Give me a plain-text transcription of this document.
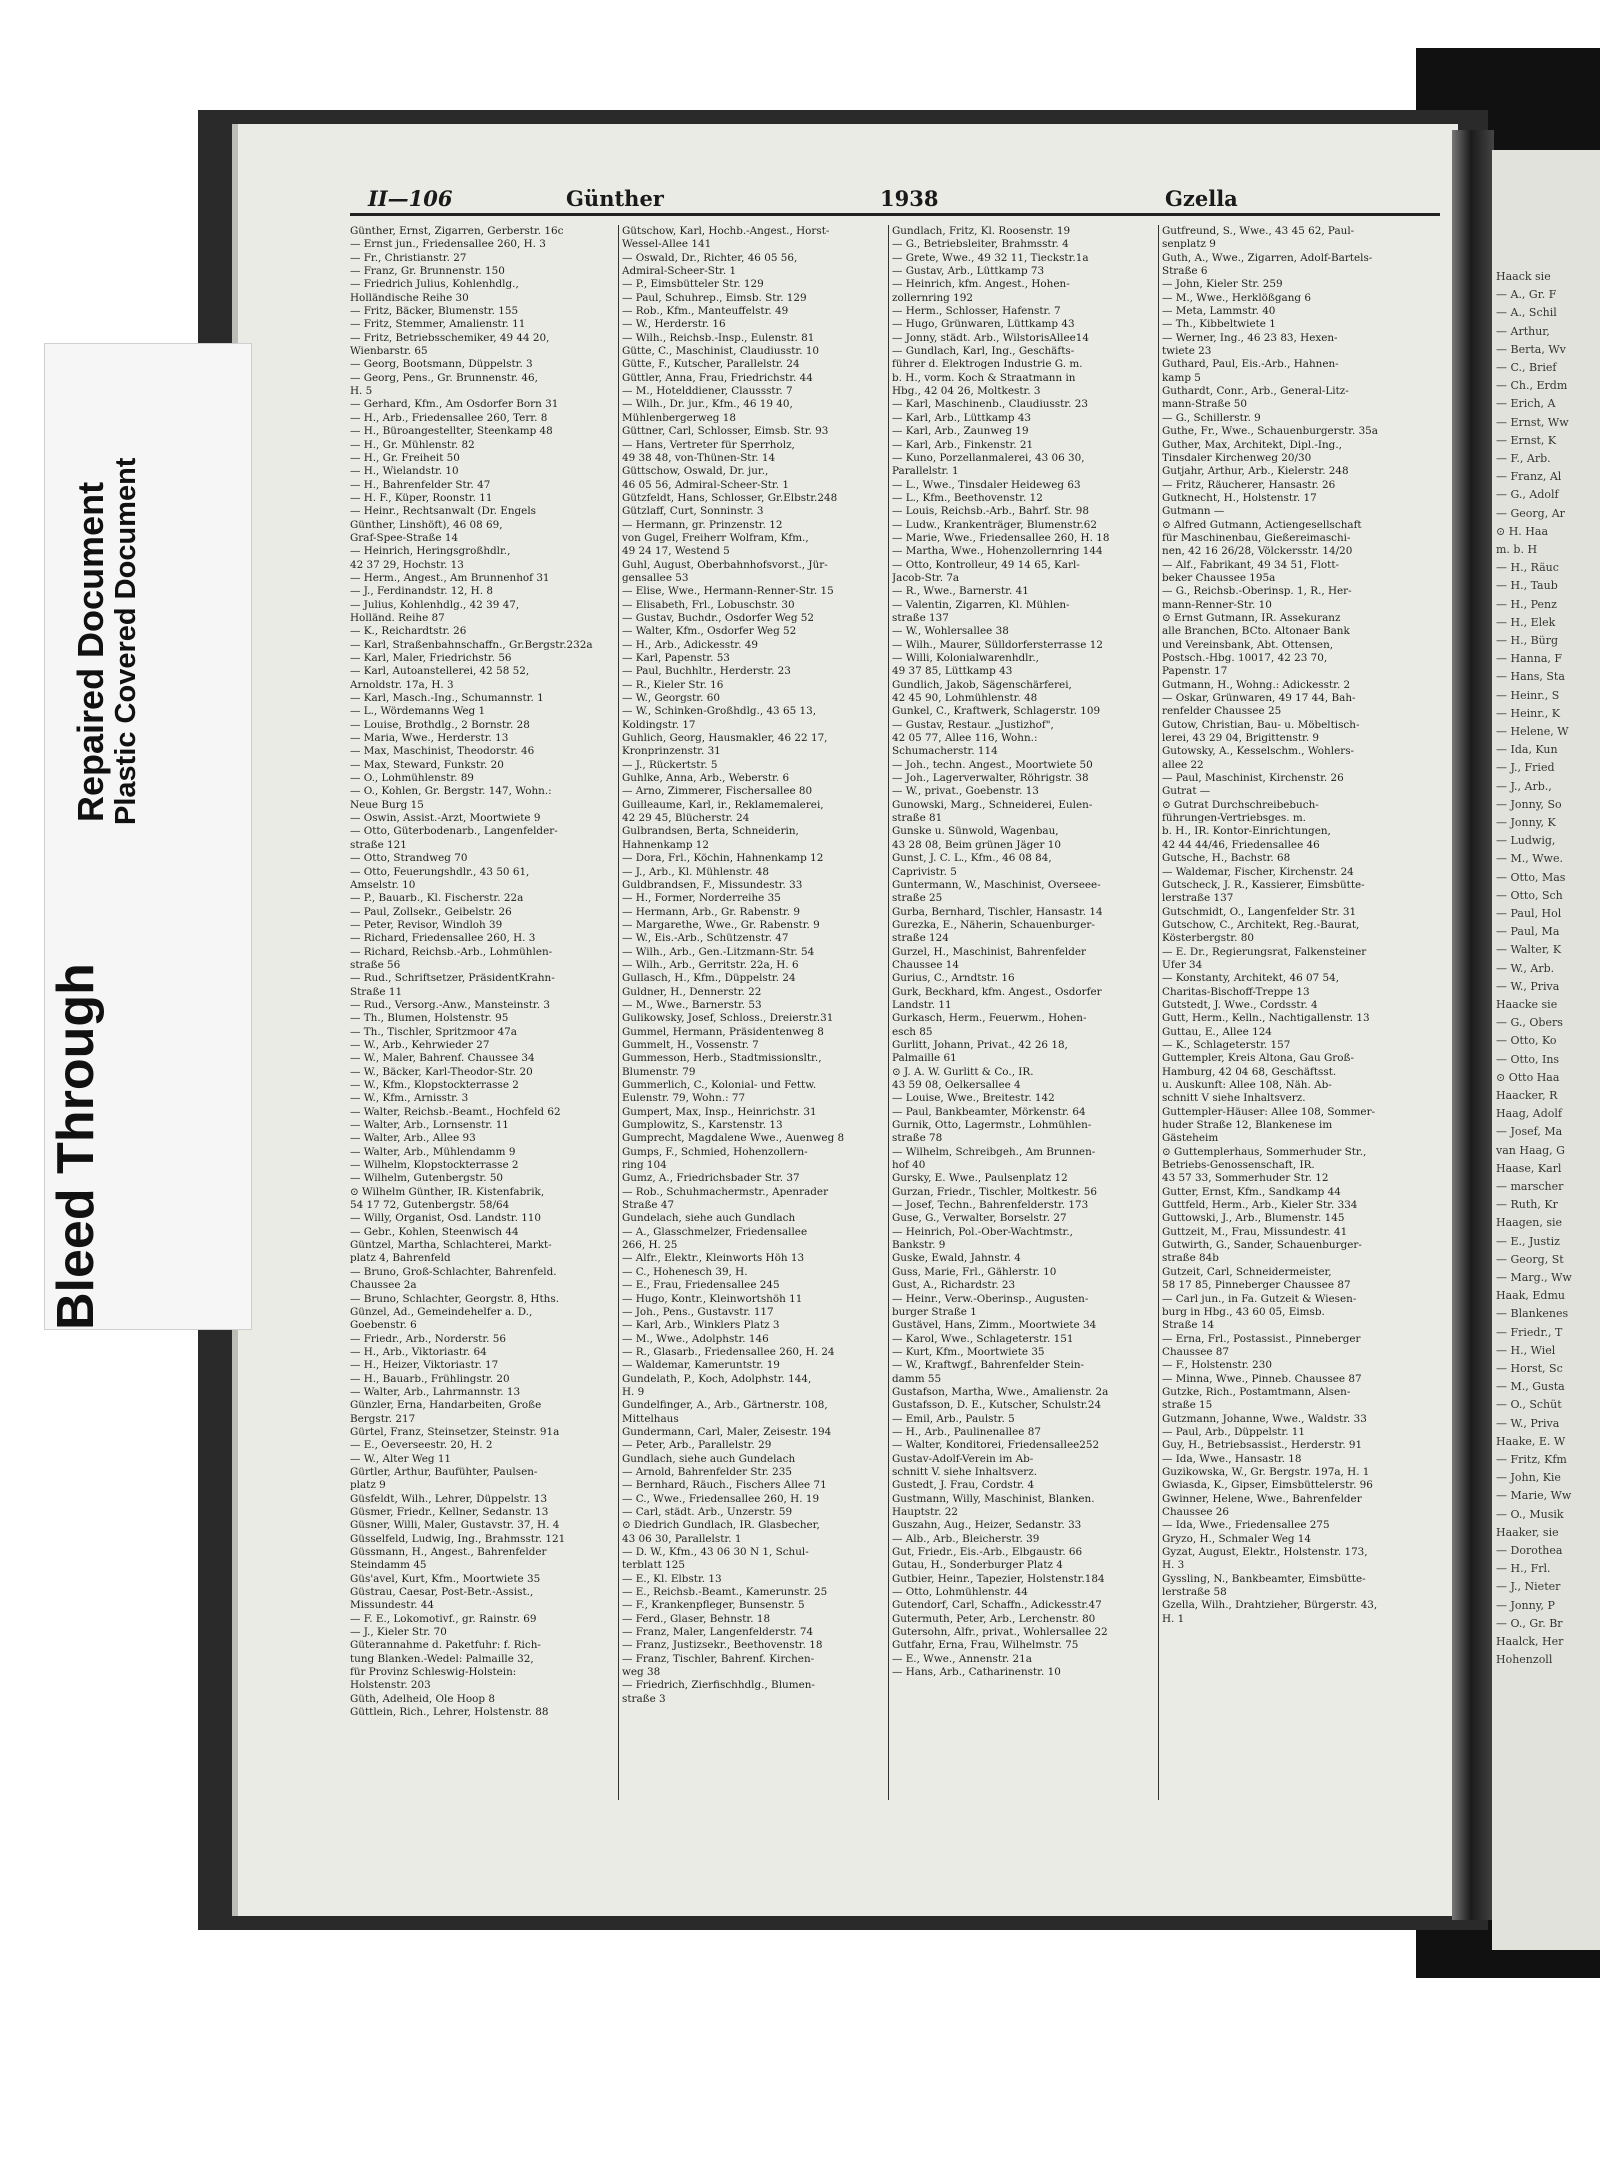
Haack sie
— A., Gr. F
— A., Schil
— Arthur,
— Berta, Wv
— C., Brief
— Ch., Erdm
— Erich, A
— Ernst, Ww
— Ernst, K
— F., Arb.
— Franz, Al
— G., Adolf
— Georg, Ar
⊙ H. Haa
m. b. H
— H., Räuc
— H., Taub
— H., Penz
— H., Elek
— H., Bürg
— Hanna, F
— Hans, Sta
— Heinr., S
— Heinr., K
— Helene, W
— Ida, Kun
— J., Fried
— J., Arb.,
— Jonny, So
— Jonny, K
— Ludwig,
— M., Wwe.
— Otto, Mas
— Otto, Sch
— Paul, Hol
— Paul, Ma
— Walter, K
— W., Arb.
— W., Priva
Haacke sie
— G., Obers
— Otto, Ko
— Otto, Ins
⊙ Otto Haa
Haacker, R
Haag, Adolf
— Josef, Ma
van Haag, G
Haase, Karl
— marscher
— Ruth, Kr
Haagen, sie
— E., Justiz
— Georg, St
— Marg., Ww
Haak, Edmu
— Blankenes
— Friedr., T
— H., Wiel
— Horst, Sc
— M., Gusta
— O., Schüt
— W., Priva
Haake, E. W
— Fritz, Kfm
— John, Kie
— Marie, Ww
— O., Musik
Haaker, sie
— Dorothea
— H., Frl.
— J., Nieter
— Jonny, P
— O., Gr. Br
Haalck, Her
Hohenzoll
II—106	Günther	1938	Gzella
Günther, Ernst, Zigarren, Gerberstr. 16c
— Ernst jun., Friedensallee 260, H. 3
— Fr., Christianstr. 27
— Franz, Gr. Brunnenstr. 150
— Friedrich Julius, Kohlenhdlg.,
Holländische Reihe 30
— Fritz, Bäcker, Blumenstr. 155
— Fritz, Stemmer, Amalienstr. 11
— Fritz, Betriebsschemiker, 49 44 20,
Wienbarstr. 65
— Georg, Bootsmann, Düppelstr. 3
— Georg, Pens., Gr. Brunnenstr. 46,
H. 5
— Gerhard, Kfm., Am Osdorfer Born 31
— H., Arb., Friedensallee 260, Terr. 8
— H., Büroangestellter, Steenkamp 48
— H., Gr. Mühlenstr. 82
— H., Gr. Freiheit 50
— H., Wielandstr. 10
— H., Bahrenfelder Str. 47
— H. F., Küper, Roonstr. 11
— Heinr., Rechtsanwalt (Dr. Engels
Günther, Linshöft), 46 08 69,
Graf-Spee-Straße 14
— Heinrich, Heringsgroßhdlr.,
42 37 29, Hochstr. 13
— Herm., Angest., Am Brunnenhof 31
— J., Ferdinandstr. 12, H. 8
— Julius, Kohlenhdlg., 42 39 47,
Holländ. Reihe 87
— K., Reichardtstr. 26
— Karl, Straßenbahnschaffn., Gr.Bergstr.232a
— Karl, Maler, Friedrichstr. 56
— Karl, Autoanstellerei, 42 58 52,
Arnoldstr. 17a, H. 3
— Karl, Masch.-Ing., Schumannstr. 1
— L., Wördemanns Weg 1
— Louise, Brothdlg., 2 Bornstr. 28
— Maria, Wwe., Herderstr. 13
— Max, Maschinist, Theodorstr. 46
— Max, Steward, Funkstr. 20
— O., Lohmühlenstr. 89
— O., Kohlen, Gr. Bergstr. 147, Wohn.:
Neue Burg 15
— Oswin, Assist.-Arzt, Moortwiete 9
— Otto, Güterbodenarb., Langenfelder-
straße 121
— Otto, Strandweg 70
— Otto, Feuerungshdlr., 43 50 61,
Amselstr. 10
— P., Bauarb., Kl. Fischerstr. 22a
— Paul, Zollsekr., Geibelstr. 26
— Peter, Revisor, Windloh 39
— Richard, Friedensallee 260, H. 3
— Richard, Reichsb.-Arb., Lohmühlen-
straße 56
— Rud., Schriftsetzer, PräsidentKrahn-
Straße 11
— Rud., Versorg.-Anw., Mansteinstr. 3
— Th., Blumen, Holstenstr. 95
— Th., Tischler, Spritzmoor 47a
— W., Arb., Kehrwieder 27
— W., Maler, Bahrenf. Chaussee 34
— W., Bäcker, Karl-Theodor-Str. 20
— W., Kfm., Klopstockterrasse 2
— W., Kfm., Arnisstr. 3
— Walter, Reichsb.-Beamt., Hochfeld 62
— Walter, Arb., Lornsenstr. 11
— Walter, Arb., Allee 93
— Walter, Arb., Mühlendamm 9
— Wilhelm, Klopstockterrasse 2
— Wilhelm, Gutenbergstr. 50
⊙ Wilhelm Günther, IR. Kistenfabrik,
54 17 72, Gutenbergstr. 58/64
— Willy, Organist, Osd. Landstr. 110
— Gebr., Kohlen, Steenwisch 44
Güntzel, Martha, Schlachterei, Markt-
platz 4, Bahrenfeld
— Bruno, Groß-Schlachter, Bahrenfeld.
Chaussee 2a
— Bruno, Schlachter, Georgstr. 8, Hths.
Günzel, Ad., Gemeindehelfer a. D.,
Goebenstr. 6
— Friedr., Arb., Norderstr. 56
— H., Arb., Viktoriastr. 64
— H., Heizer, Viktoriastr. 17
— H., Bauarb., Frühlingstr. 20
— Walter, Arb., Lahrmannstr. 13
Günzler, Erna, Handarbeiten, Große
Bergstr. 217
Gürtel, Franz, Steinsetzer, Steinstr. 91a
— E., Oeverseestr. 20, H. 2
— W., Alter Weg 11
Gürtler, Arthur, Baufühter, Paulsen-
platz 9
Güsfeldt, Wilh., Lehrer, Düppelstr. 13
Güsmer, Friedr., Kellner, Sedanstr. 13
Güsner, Willi, Maler, Gustavstr. 37, H. 4
Güsselfeld, Ludwig, Ing., Brahmsstr. 121
Güssmann, H., Angest., Bahrenfelder
Steindamm 45
Güs'avel, Kurt, Kfm., Moortwiete 35
Güstrau, Caesar, Post-Betr.-Assist.,
Missundestr. 44
— F. E., Lokomotivf., gr. Rainstr. 69
— J., Kieler Str. 70
Güterannahme d. Paketfuhr: f. Rich-
tung Blanken.-Wedel: Palmaille 32,
für Provinz Schleswig-Holstein:
Holstenstr. 203
Güth, Adelheid, Ole Hoop 8
Güttlein, Rich., Lehrer, Holstenstr. 88
Gütschow, Karl, Hochb.-Angest., Horst-
Wessel-Allee 141
— Oswald, Dr., Richter, 46 05 56,
Admiral-Scheer-Str. 1
— P., Eimsbütteler Str. 129
— Paul, Schuhrep., Eimsb. Str. 129
— Rob., Kfm., Manteuffelstr. 49
— W., Herderstr. 16
— Wilh., Reichsb.-Insp., Eulenstr. 81
Gütte, C., Maschinist, Claudiusstr. 10
Gütte, F., Kutscher, Parallelstr. 24
Güttler, Anna, Frau, Friedrichstr. 44
— M., Hotelddiener, Claussstr. 7
— Wilh., Dr. jur., Kfm., 46 19 40,
Mühlenbergerweg 18
Güttner, Carl, Schlosser, Eimsb. Str. 93
— Hans, Vertreter für Sperrholz,
49 38 48, von-Thünen-Str. 14
Güttschow, Oswald, Dr. jur.,
46 05 56, Admiral-Scheer-Str. 1
Gützfeldt, Hans, Schlosser, Gr.Elbstr.248
Gützlaff, Curt, Sonninstr. 3
— Hermann, gr. Prinzenstr. 12
von Gugel, Freiherr Wolfram, Kfm.,
49 24 17, Westend 5
Guhl, August, Oberbahnhofsvorst., Jür-
gensallee 53
— Elise, Wwe., Hermann-Renner-Str. 15
— Elisabeth, Frl., Lobuschstr. 30
— Gustav, Buchdr., Osdorfer Weg 52
— Walter, Kfm., Osdorfer Weg 52
— H., Arb., Adickesstr. 49
— Karl, Papenstr. 53
— Paul, Buchhltr., Herderstr. 23
— R., Kieler Str. 16
— W., Georgstr. 60
— W., Schinken-Großhdlg., 43 65 13,
Koldingstr. 17
Guhlich, Georg, Hausmakler, 46 22 17,
Kronprinzenstr. 31
— J., Rückertstr. 5
Guhlke, Anna, Arb., Weberstr. 6
— Arno, Zimmerer, Fischersallee 80
Guilleaume, Karl, ir., Reklamemalerei,
42 29 45, Blücherstr. 24
Gulbrandsen, Berta, Schneiderin,
Hahnenkamp 12
— Dora, Frl., Köchin, Hahnenkamp 12
— J., Arb., Kl. Mühlenstr. 48
Guldbrandsen, F., Missundestr. 33
— H., Former, Norderreihe 35
— Hermann, Arb., Gr. Rabenstr. 9
— Margarethe, Wwe., Gr. Rabenstr. 9
— W., Eis.-Arb., Schützenstr. 47
— Wilh., Arb., Gen.-Litzmann-Str. 54
— Wilh., Arb., Gerritstr. 22a, H. 6
Gullasch, H., Kfm., Düppelstr. 24
Guldner, H., Dennerstr. 22
— M., Wwe., Barnerstr. 53
Gulikowsky, Josef, Schloss., Dreierstr.31
Gummel, Hermann, Präsidentenweg 8
Gummelt, H., Vossenstr. 7
Gummesson, Herb., Stadtmissionsltr.,
Blumenstr. 79
Gummerlich, C., Kolonial- und Fettw.
Eulenstr. 79, Wohn.: 77
Gumpert, Max, Insp., Heinrichstr. 31
Gumplowitz, S., Karstenstr. 13
Gumprecht, Magdalene Wwe., Auenweg 8
Gumps, F., Schmied, Hohenzollern-
ring 104
Gumz, A., Friedrichsbader Str. 37
— Rob., Schuhmachermstr., Apenrader
Straße 47
Gundelach, siehe auch Gundlach
— A., Glasschmelzer, Friedensallee
266, H. 25
— Alfr., Elektr., Kleinworts Höh 13
— C., Hohenesch 39, H.
— E., Frau, Friedensallee 245
— Hugo, Kontr., Kleinwortshöh 11
— Joh., Pens., Gustavstr. 117
— Karl, Arb., Winklers Platz 3
— M., Wwe., Adolphstr. 146
— R., Glasarb., Friedensallee 260, H. 24
— Waldemar, Kameruntstr. 19
Gundelath, P., Koch, Adolphstr. 144,
H. 9
Gundelfinger, A., Arb., Gärtnerstr. 108,
Mittelhaus
Gundermann, Carl, Maler, Zeisestr. 194
— Peter, Arb., Parallelstr. 29
Gundlach, siehe auch Gundelach
— Arnold, Bahrenfelder Str. 235
— Bernhard, Räuch., Fischers Allee 71
— C., Wwe., Friedensallee 260, H. 19
— Carl, städt. Arb., Unzerstr. 59
⊙ Diedrich Gundlach, IR. Glasbecher,
43 06 30, Parallelstr. 1
— D. W., Kfm., 43 06 30 N 1, Schul-
terblatt 125
— E., Kl. Elbstr. 13
— E., Reichsb.-Beamt., Kamerunstr. 25
— F., Krankenpfleger, Bunsenstr. 5
— Ferd., Glaser, Behnstr. 18
— Franz, Maler, Langenfelderstr. 74
— Franz, Justizsekr., Beethovenstr. 18
— Franz, Tischler, Bahrenf. Kirchen-
weg 38
— Friedrich, Zierfischhdlg., Blumen-
straße 3
Gundlach, Fritz, Kl. Roosenstr. 19
— G., Betriebsleiter, Brahmsstr. 4
— Grete, Wwe., 49 32 11, Tieckstr.1a
— Gustav, Arb., Lüttkamp 73
— Heinrich, kfm. Angest., Hohen-
zollernring 192
— Herm., Schlosser, Hafenstr. 7
— Hugo, Grünwaren, Lüttkamp 43
— Jonny, städt. Arb., WilstorisAllee14
— Gundlach, Karl, Ing., Geschäfts-
führer d. Elektrogen Industrie G. m.
b. H., vorm. Koch & Straatmann in
Hbg., 42 04 26, Moltkestr. 3
— Karl, Maschinenb., Claudiusstr. 23
— Karl, Arb., Lüttkamp 43
— Karl, Arb., Zaunweg 19
— Karl, Arb., Finkenstr. 21
— Kuno, Porzellanmalerei, 43 06 30,
Parallelstr. 1
— L., Wwe., Tinsdaler Heideweg 63
— L., Kfm., Beethovenstr. 12
— Louis, Reichsb.-Arb., Bahrf. Str. 98
— Ludw., Krankenträger, Blumenstr.62
— Marie, Wwe., Friedensallee 260, H. 18
— Martha, Wwe., Hohenzollernring 144
— Otto, Kontrolleur, 49 14 65, Karl-
Jacob-Str. 7a
— R., Wwe., Barnerstr. 41
— Valentin, Zigarren, Kl. Mühlen-
straße 137
— W., Wohlersallee 38
— Wilh., Maurer, Sülldorfersterrasse 12
— Willi, Kolonialwarenhdlr.,
49 37 85, Lüttkamp 43
Gundlich, Jakob, Sägenschärferei,
42 45 90, Lohmühlenstr. 48
Gunkel, C., Kraftwerk, Schlagerstr. 109
— Gustav, Restaur. „Justizhof",
42 05 77, Allee 116, Wohn.:
Schumacherstr. 114
— Joh., techn. Angest., Moortwiete 50
— Joh., Lagerverwalter, Röhrigstr. 38
— W., privat., Goebenstr. 13
Gunowski, Marg., Schneiderei, Eulen-
straße 81
Gunske u. Sünwold, Wagenbau,
43 28 08, Beim grünen Jäger 10
Gunst, J. C. L., Kfm., 46 08 84,
Caprivistr. 5
Guntermann, W., Maschinist, Overseee-
straße 25
Gurba, Bernhard, Tischler, Hansastr. 14
Gurezka, E., Näherin, Schauenburger-
straße 124
Gurzel, H., Maschinist, Bahrenfelder
Chaussee 14
Gurius, C., Arndtstr. 16
Gurk, Beckhard, kfm. Angest., Osdorfer
Landstr. 11
Gurkasch, Herm., Feuerwm., Hohen-
esch 85
Gurlitt, Johann, Privat., 42 26 18,
Palmaille 61
⊙ J. A. W. Gurlitt & Co., IR.
43 59 08, Oelkersallee 4
— Louise, Wwe., Breitestr. 142
— Paul, Bankbeamter, Mörkenstr. 64
Gurnik, Otto, Lagermstr., Lohmühlen-
straße 78
— Wilhelm, Schreibgeh., Am Brunnen-
hof 40
Gursky, E. Wwe., Paulsenplatz 12
Gurzan, Friedr., Tischler, Moltkestr. 56
— Josef, Techn., Bahrenfelderstr. 173
Guse, G., Verwalter, Borselstr. 27
— Heinrich, Pol.-Ober-Wachtmstr.,
Bankstr. 9
Guske, Ewald, Jahnstr. 4
Guss, Marie, Frl., Gählerstr. 10
Gust, A., Richardstr. 23
— Heinr., Verw.-Oberinsp., Augusten-
burger Straße 1
Gustävel, Hans, Zimm., Moortwiete 34
— Karol, Wwe., Schlageterstr. 151
— Kurt, Kfm., Moortwiete 35
— W., Kraftwgf., Bahrenfelder Stein-
damm 55
Gustafson, Martha, Wwe., Amalienstr. 2a
Gustafsson, D. E., Kutscher, Schulstr.24
— Emil, Arb., Paulstr. 5
— H., Arb., Paulinenallee 87
— Walter, Konditorei, Friedensallee252
Gustav-Adolf-Verein im Ab-
schnitt V. siehe Inhaltsverz.
Gustedt, J. Frau, Cordstr. 4
Gustmann, Willy, Maschinist, Blanken.
Hauptstr. 22
Guszahn, Aug., Heizer, Sedanstr. 33
— Alb., Arb., Bleicherstr. 39
Gut, Friedr., Eis.-Arb., Elbgaustr. 66
Gutau, H., Sonderburger Platz 4
Gutbier, Heinr., Tapezier, Holstenstr.184
— Otto, Lohmühlenstr. 44
Gutendorf, Carl, Schaffn., Adickesstr.47
Gutermuth, Peter, Arb., Lerchenstr. 80
Gutersohn, Alfr., privat., Wohlersallee 22
Gutfahr, Erna, Frau, Wilhelmstr. 75
— E., Wwe., Annenstr. 21a
— Hans, Arb., Catharinenstr. 10
Gutfreund, S., Wwe., 43 45 62, Paul-
senplatz 9
Guth, A., Wwe., Zigarren, Adolf-Bartels-
Straße 6
— John, Kieler Str. 259
— M., Wwe., Herklößgang 6
— Meta, Lammstr. 40
— Th., Kibbeltwiete 1
— Werner, Ing., 46 23 83, Hexen-
twiete 23
Guthard, Paul, Eis.-Arb., Hahnen-
kamp 5
Guthardt, Conr., Arb., General-Litz-
mann-Straße 50
— G., Schillerstr. 9
Guthe, Fr., Wwe., Schauenburgerstr. 35a
Guther, Max, Architekt, Dipl.-Ing.,
Tinsdaler Kirchenweg 20/30
Gutjahr, Arthur, Arb., Kielerstr. 248
— Fritz, Räucherer, Hansastr. 26
Gutknecht, H., Holstenstr. 17
Gutmann —
⊙ Alfred Gutmann, Actiengesellschaft
für Maschinenbau, Gießereimaschi-
nen, 42 16 26/28, Völckersstr. 14/20
— Alf., Fabrikant, 49 34 51, Flott-
beker Chaussee 195a
— G., Reichsb.-Oberinsp. 1, R., Her-
mann-Renner-Str. 10
⊙ Ernst Gutmann, IR. Assekuranz
alle Branchen, BCto. Altonaer Bank
und Vereinsbank, Abt. Ottensen,
Postsch.-Hbg. 10017, 42 23 70,
Papenstr. 17
Gutmann, H., Wohng.: Adickesstr. 2
— Oskar, Grünwaren, 49 17 44, Bah-
renfelder Chaussee 25
Gutow, Christian, Bau- u. Möbeltisch-
lerei, 43 29 04, Brigittenstr. 9
Gutowsky, A., Kesselschm., Wohlers-
allee 22
— Paul, Maschinist, Kirchenstr. 26
Gutrat —
⊙ Gutrat Durchschreibebuch-
führungen-Vertriebsges. m.
b. H., IR. Kontor-Einrichtungen,
42 44 44/46, Friedensallee 46
Gutsche, H., Bachstr. 68
— Waldemar, Fischer, Kirchenstr. 24
Gutscheck, J. R., Kassierer, Eimsbütte-
lerstraße 137
Gutschmidt, O., Langenfelder Str. 31
Gutschow, C., Architekt, Reg.-Baurat,
Kösterbergstr. 80
— E. Dr., Regierungsrat, Falkensteiner
Ufer 34
— Konstanty, Architekt, 46 07 54,
Charitas-Bischoff-Treppe 13
Gutstedt, J. Wwe., Cordsstr. 4
Gutt, Herm., Kelln., Nachtigallenstr. 13
Guttau, E., Allee 124
— K., Schlageterstr. 157
Guttempler, Kreis Altona, Gau Groß-
Hamburg, 42 04 68, Geschäftsst.
u. Auskunft: Allee 108, Näh. Ab-
schnitt V siehe Inhaltsverz.
Guttempler-Häuser: Allee 108, Sommer-
huder Straße 12, Blankenese im
Gästeheim
⊙ Guttemplerhaus, Sommerhuder Str.,
Betriebs-Genossenschaft, IR.
43 57 33, Sommerhuder Str. 12
Gutter, Ernst, Kfm., Sandkamp 44
Guttfeld, Herm., Arb., Kieler Str. 334
Guttowski, J., Arb., Blumenstr. 145
Guttzeit, M., Frau, Missundestr. 41
Gutwirth, G., Sander, Schauenburger-
straße 84b
Gutzeit, Carl, Schneidermeister,
58 17 85, Pinneberger Chaussee 87
— Carl jun., in Fa. Gutzeit & Wiesen-
burg in Hbg., 43 60 05, Eimsb.
Straße 14
— Erna, Frl., Postassist., Pinneberger
Chaussee 87
— F., Holstenstr. 230
— Minna, Wwe., Pinneb. Chaussee 87
Gutzke, Rich., Postamtmann, Alsen-
straße 15
Gutzmann, Johanne, Wwe., Waldstr. 33
— Paul, Arb., Düppelstr. 11
Guy, H., Betriebsassist., Herderstr. 91
— Ida, Wwe., Hansastr. 18
Guzikowska, W., Gr. Bergstr. 197a, H. 1
Gwiasda, K., Gipser, Eimsbüttelerstr. 96
Gwinner, Helene, Wwe., Bahrenfelder
Chaussee 26
— Ida, Wwe., Friedensallee 275
Gryzo, H., Schmaler Weg 14
Gyzat, August, Elektr., Holstenstr. 173,
H. 3
Gyssling, N., Bankbeamter, Eimsbütte-
lerstraße 58
Gzella, Wilh., Drahtzieher, Bürgerstr. 43,
H. 1
Bleed Through
Repaired Document Plastic Covered Document
